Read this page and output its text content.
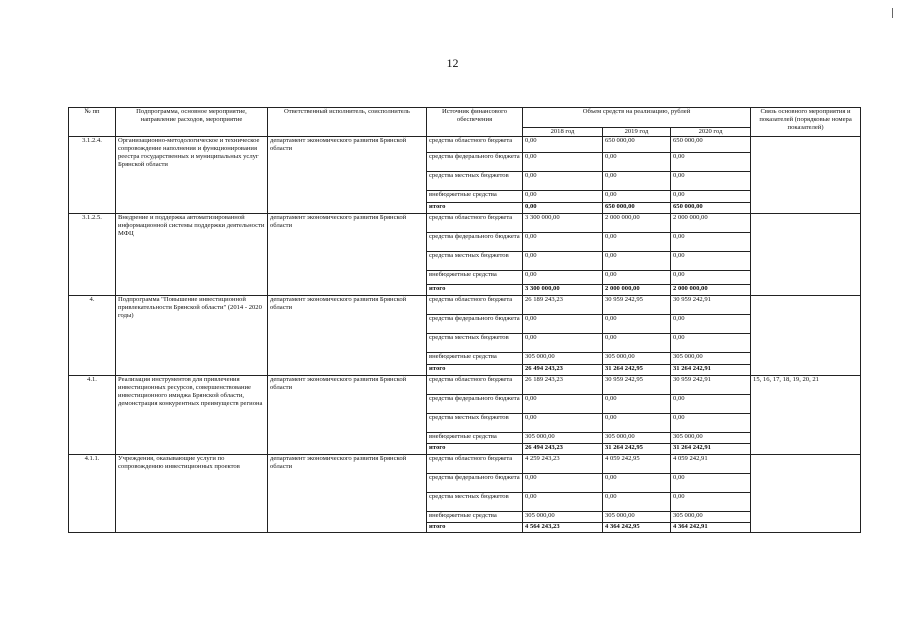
12
№ пп	Подпрограмма, основное мероприятие, направление расходов, мероприятие	Ответственный исполнитель, соисполнитель	Источник финансового обеспечения	Объем средств на реализацию, рублей			Связь основного мероприятия и показателей (порядковые номера показателей)
				2018 год	2019 год	2020 год	
3.1.2.4.	Организационно-методологическое и техническое сопровождение наполнения и функционирования реестра государственных и муниципальных услуг Брянской области	департамент экономического развития Брянской области	средства областного бюджета	0,00	650 000,00	650 000,00	
			средства федерального бюджета	0,00	0,00	0,00	
			средства местных бюджетов	0,00	0,00	0,00	
			внебюджетные средства	0,00	0,00	0,00	
			итого	0,00	650 000,00	650 000,00	
3.1.2.5.	Внедрение и поддержка автоматизированной информационной системы поддержки деятельности МФЦ	департамент экономического развития Брянской области	средства областного бюджета	3 300 000,00	2 000 000,00	2 000 000,00	
			средства федерального бюджета	0,00	0,00	0,00	
			средства местных бюджетов	0,00	0,00	0,00	
			внебюджетные средства	0,00	0,00	0,00	
			итого	3 300 000,00	2 000 000,00	2 000 000,00	
4.	Подпрограмма "Повышение инвестиционной привлекательности Брянской области" (2014 - 2020 годы)	департамент экономического развития Брянской области	средства областного бюджета	26 189 243,23	30 959 242,95	30 959 242,91	
			средства федерального бюджета	0,00	0,00	0,00	
			средства местных бюджетов	0,00	0,00	0,00	
			внебюджетные средства	305 000,00	305 000,00	305 000,00	
			итого	26 494 243,23	31 264 242,95	31 264 242,91	
4.1.	Реализация инструментов для привлечения инвестиционных ресурсов, совершенствование инвестиционного имиджа Брянской области, демонстрация конкурентных преимуществ региона	департамент экономического развития Брянской области	средства областного бюджета	26 189 243,23	30 959 242,95	30 959 242,91	15, 16, 17, 18, 19, 20, 21
			средства федерального бюджета	0,00	0,00	0,00	
			средства местных бюджетов	0,00	0,00	0,00	
			внебюджетные средства	305 000,00	305 000,00	305 000,00	
			итого	26 494 243,23	31 264 242,95	31 264 242,91	
4.1.1.	Учреждения, оказывающие услуги по сопровождению инвестиционных проектов	департамент экономического развития Брянской области	средства областного бюджета	4 259 243,23	4 059 242,95	4 059 242,91	
			средства федерального бюджета	0,00	0,00	0,00	
			средства местных бюджетов	0,00	0,00	0,00	
			внебюджетные средства	305 000,00	305 000,00	305 000,00	
			итого	4 564 243,23	4 364 242,95	4 364 242,91	
